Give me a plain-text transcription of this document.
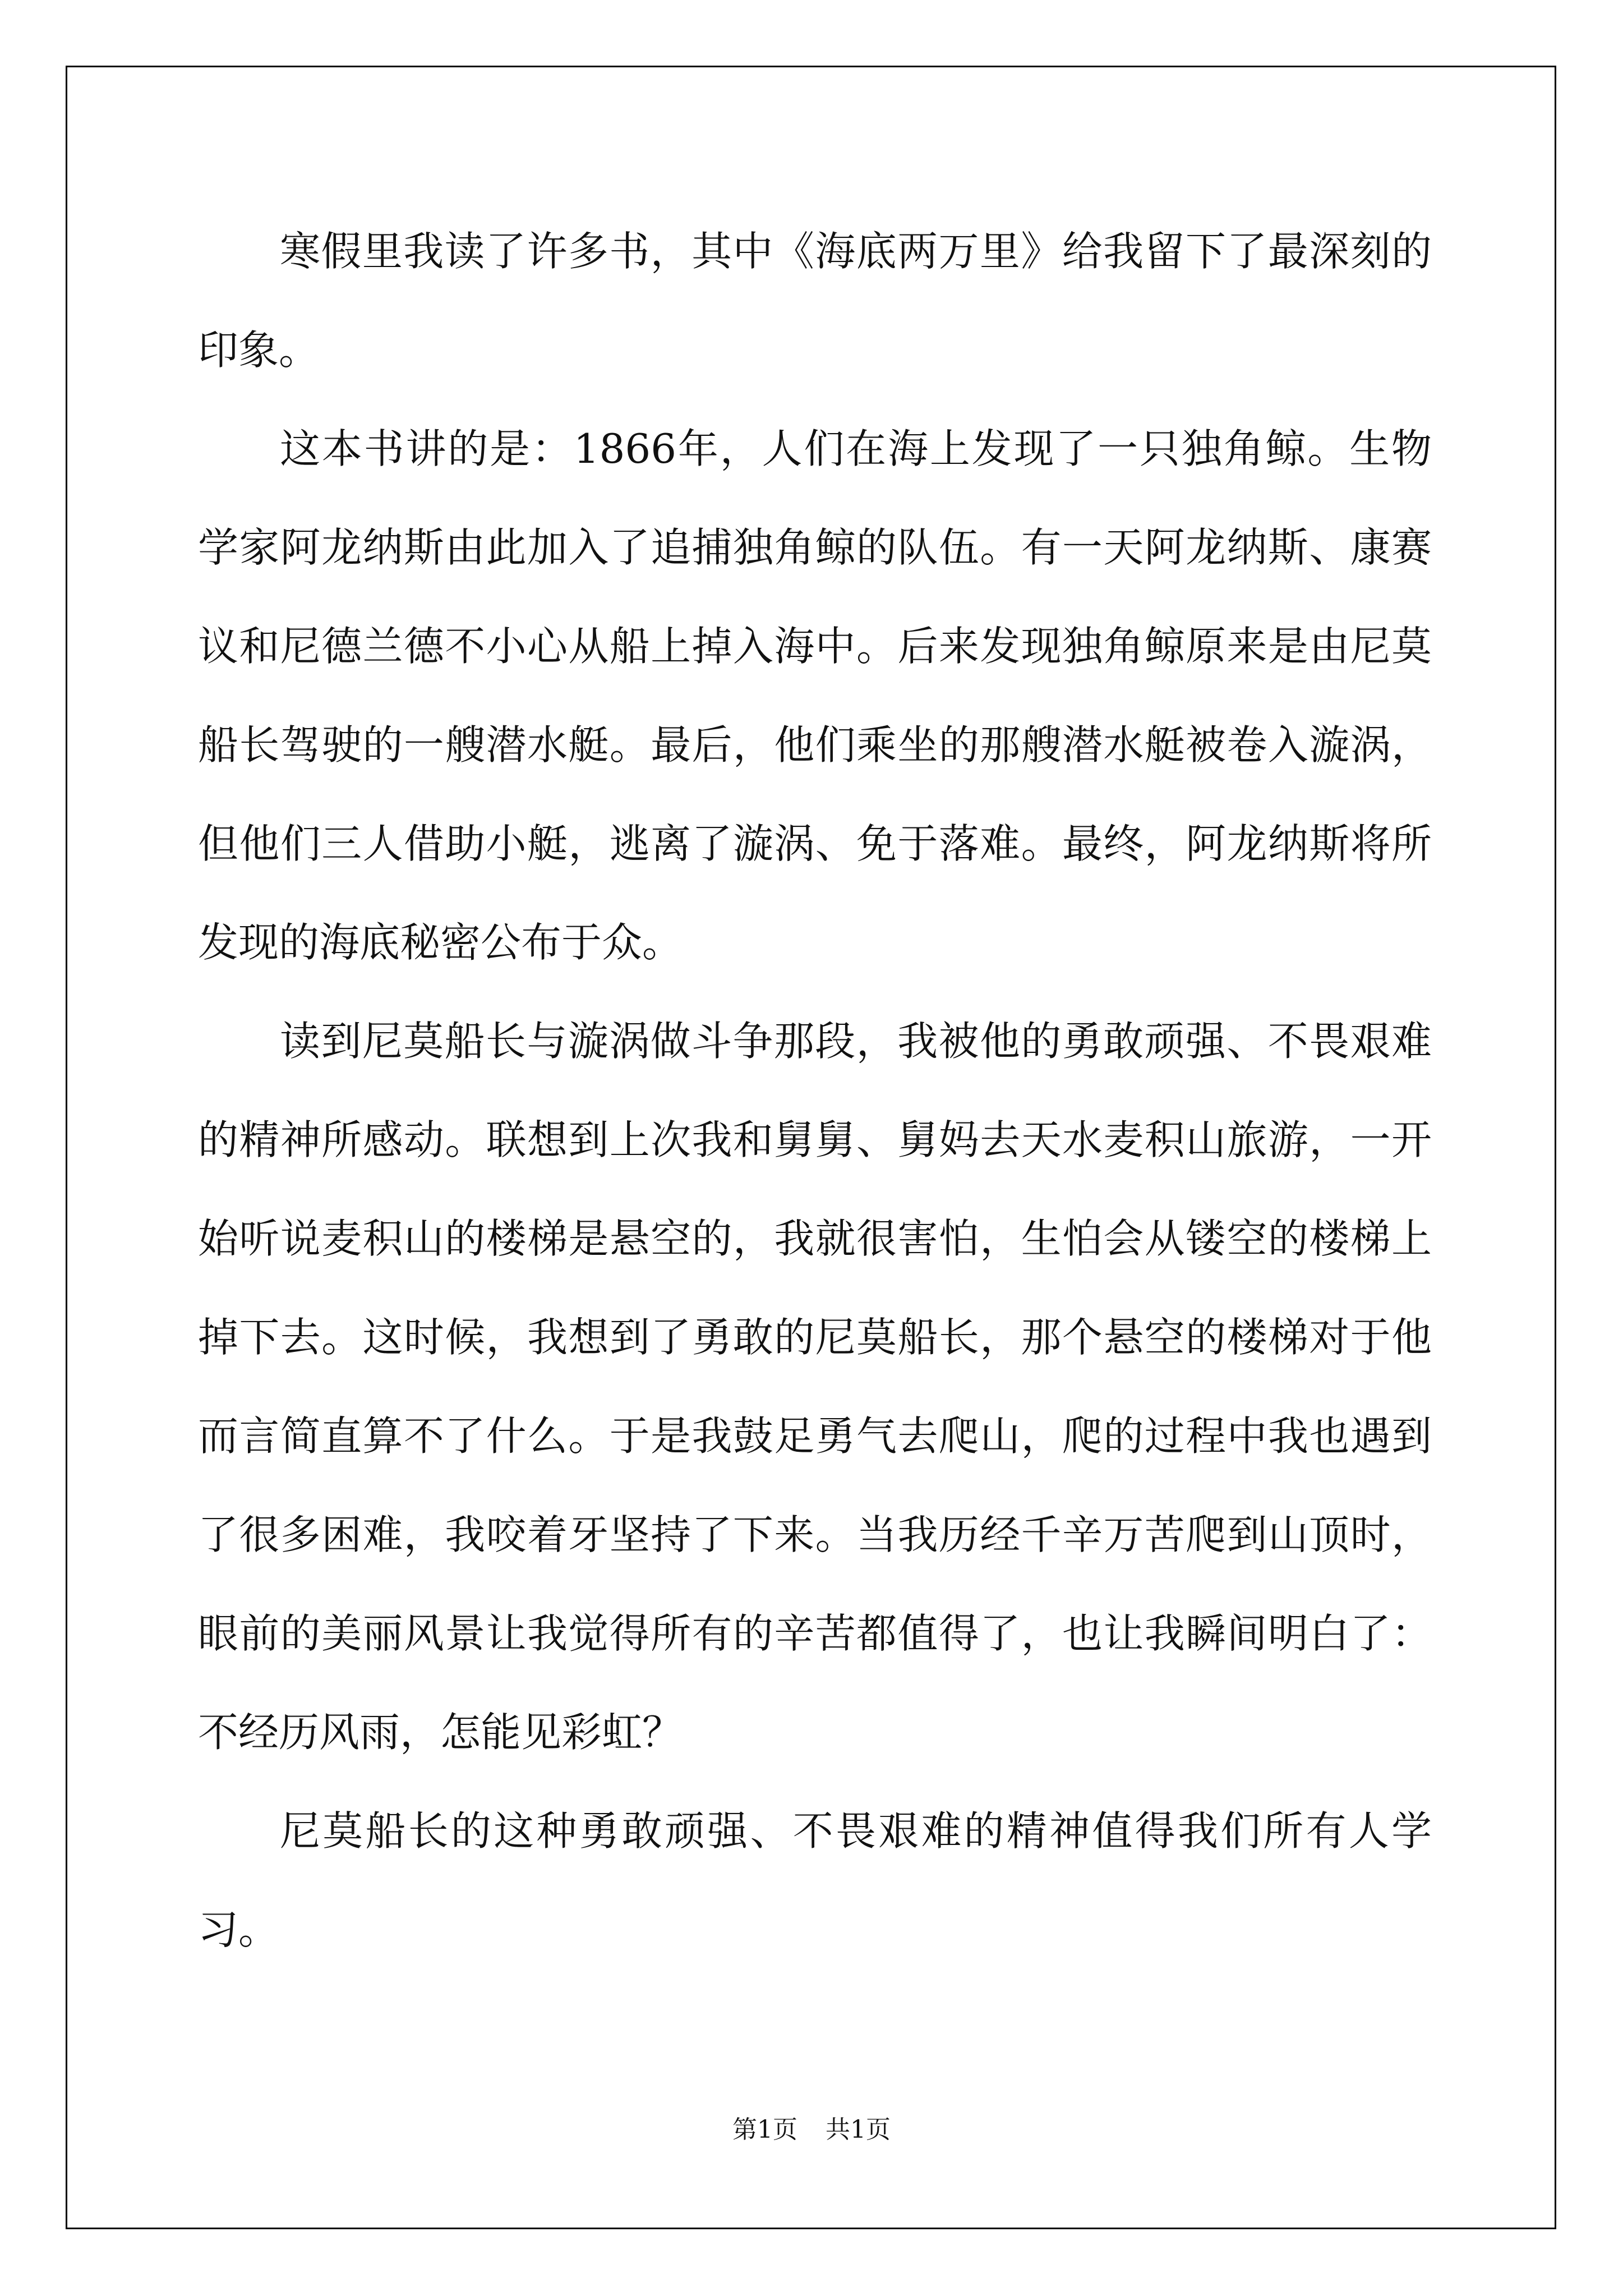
寒假里我读了许多书，其中《海底两万里》给我留下了最深刻的印象。

这本书讲的是：1866年，人们在海上发现了一只独角鲸。生物学家阿龙纳斯由此加入了追捕独角鲸的队伍。有一天阿龙纳斯、康赛议和尼德兰德不小心从船上掉入海中。后来发现独角鲸原来是由尼莫船长驾驶的一艘潜水艇。最后，他们乘坐的那艘潜水艇被卷入漩涡，但他们三人借助小艇，逃离了漩涡、免于落难。最终，阿龙纳斯将所发现的海底秘密公布于众。

读到尼莫船长与漩涡做斗争那段，我被他的勇敢顽强、不畏艰难的精神所感动。联想到上次我和舅舅、舅妈去天水麦积山旅游，一开始听说麦积山的楼梯是悬空的，我就很害怕，生怕会从镂空的楼梯上掉下去。这时候，我想到了勇敢的尼莫船长，那个悬空的楼梯对于他而言简直算不了什么。于是我鼓足勇气去爬山，爬的过程中我也遇到了很多困难，我咬着牙坚持了下来。当我历经千辛万苦爬到山顶时，眼前的美丽风景让我觉得所有的辛苦都值得了，也让我瞬间明白了：不经历风雨，怎能见彩虹？

尼莫船长的这种勇敢顽强、不畏艰难的精神值得我们所有人学习。

第1页 共1页
